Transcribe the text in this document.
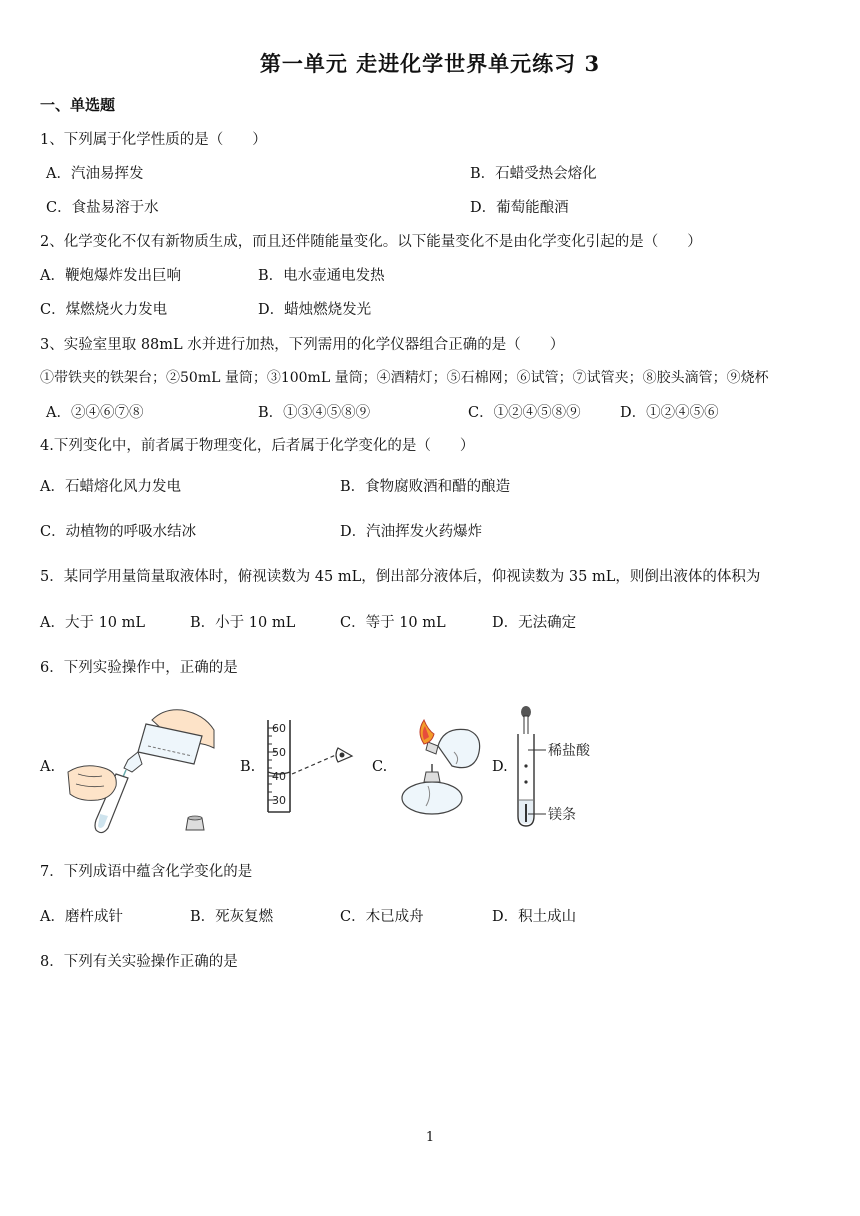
第一单元 走进化学世界单元练习 3
一、单选题
1、下列属于化学性质的是（　　）
A．汽油易挥发	B．石蜡受热会熔化
C．食盐易溶于水	D．葡萄能酿酒
2、化学变化不仅有新物质生成，而且还伴随能量变化。以下能量变化不是由化学变化引起的是（　　）
A．鞭炮爆炸发出巨响	B．电水壶通电发热
C．煤燃烧火力发电	D．蜡烛燃烧发光
3、实验室里取 88mL 水并进行加热，下列需用的化学仪器组合正确的是（　　）
①带铁夹的铁架台；②50mL 量筒；③100mL 量筒；④酒精灯；⑤石棉网；⑥试管；⑦试管夹；⑧胶头滴管；⑨烧杯
A．②④⑥⑦⑧	B．①③④⑤⑧⑨	C．①②④⑤⑧⑨	D．①②④⑤⑥
4.下列变化中，前者属于物理变化，后者属于化学变化的是（　　）
A．石蜡熔化风力发电	B．食物腐败酒和醋的酿造
C．动植物的呼吸水结冰	D．汽油挥发火药爆炸
5．某同学用量筒量取液体时，俯视读数为 45 mL，倒出部分液体后，仰视读数为 35 mL，则倒出液体的体积为
A．大于 10 mL	B．小于 10 mL	C．等于 10 mL	D．无法确定
6．下列实验操作中，正确的是
A.	B.
60
50
40
30
C.	D.
稀盐酸
镁条
7．下列成语中蕴含化学变化的是
A．磨杵成针	B．死灰复燃	C．木已成舟	D．积土成山
8．下列有关实验操作正确的是
1
